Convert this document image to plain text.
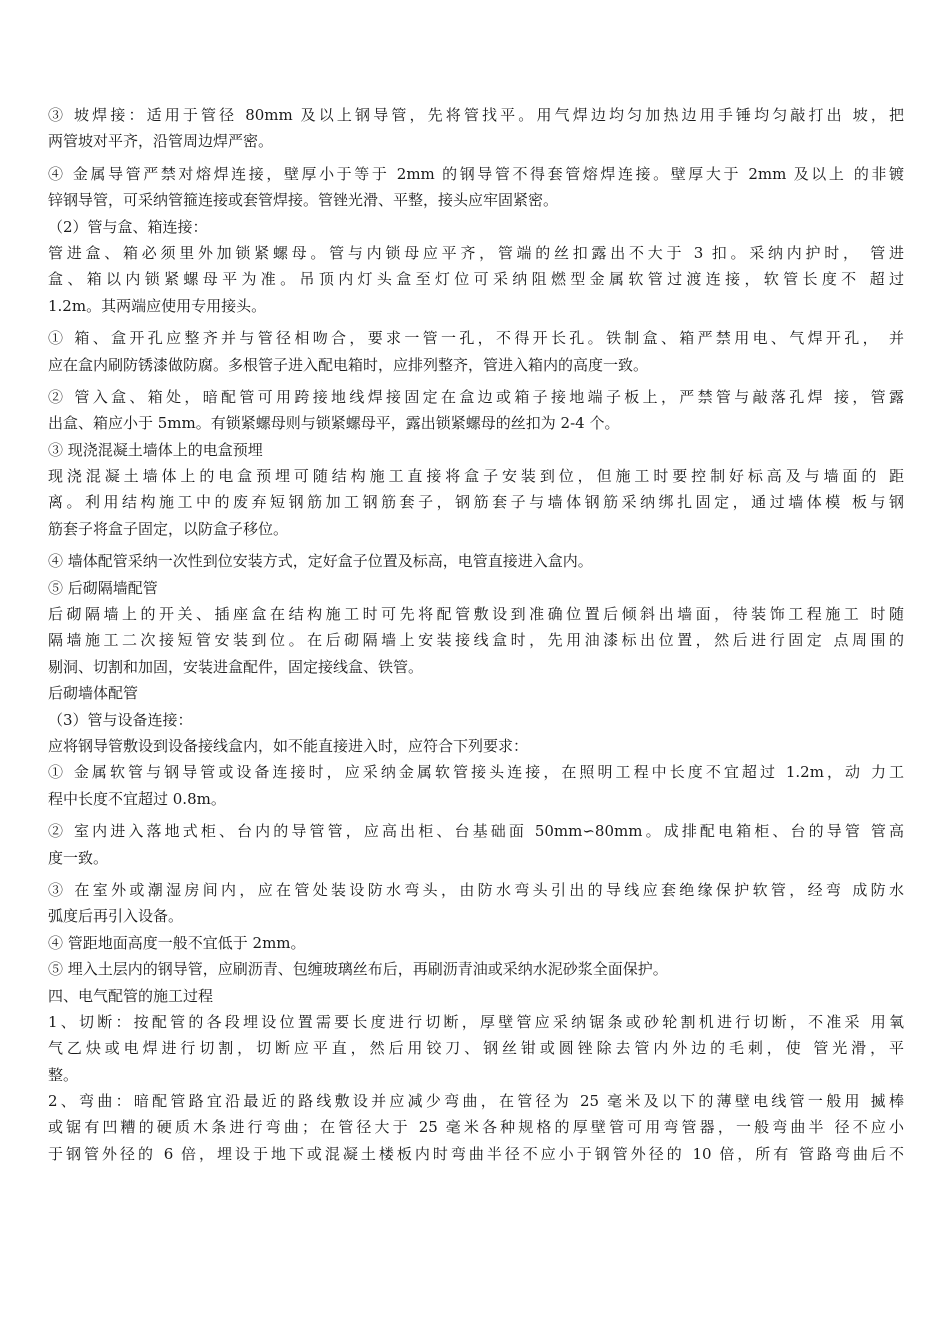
③ 坡焊接：适用于管径 80mm 及以上钢导管，先将管找平。用气焊边均匀加热边用手锤均匀敲打出 坡，把
两管坡对平齐，沿管周边焊严密。
④ 金属导管严禁对熔焊连接，壁厚小于等于 2mm 的钢导管不得套管熔焊连接。壁厚大于 2mm 及以上 的非镀
锌钢导管，可采纳管箍连接或套管焊接。管锉光滑、平整，接头应牢固紧密。
（2）管与盒、箱连接：
管进盒、箱必须里外加锁紧螺母。管与内锁母应平齐，管端的丝扣露出不大于 3 扣。采纳内护时， 管进
盒、箱以内锁紧螺母平为准。吊顶内灯头盒至灯位可采纳阻燃型金属软管过渡连接，软管长度不 超过
1.2m。其两端应使用专用接头。
① 箱、盒开孔应整齐并与管径相吻合，要求一管一孔，不得开长孔。铁制盒、箱严禁用电、气焊开孔， 并
应在盒内刷防锈漆做防腐。多根管子进入配电箱时，应排列整齐，管进入箱内的高度一致。
② 管入盒、箱处，暗配管可用跨接地线焊接固定在盒边或箱子接地端子板上，严禁管与敲落孔焊 接，管露
出盒、箱应小于 5mm。有锁紧螺母则与锁紧螺母平，露出锁紧螺母的丝扣为 2-4 个。
③ 现浇混凝土墙体上的电盒预埋
现浇混凝土墙体上的电盒预埋可随结构施工直接将盒子安装到位，但施工时要控制好标高及与墙面的 距
离。利用结构施工中的废弃短钢筋加工钢筋套子，钢筋套子与墙体钢筋采纳绑扎固定，通过墙体模 板与钢
筋套子将盒子固定，以防盒子移位。
④ 墙体配管采纳一次性到位安装方式，定好盒子位置及标高，电管直接进入盒内。
⑤ 后砌隔墙配管
后砌隔墙上的开关、插座盒在结构施工时可先将配管敷设到准确位置后倾斜出墙面，待装饰工程施工 时随
隔墙施工二次接短管安装到位。在后砌隔墙上安装接线盒时，先用油漆标出位置，然后进行固定 点周围的
剔洞、切割和加固，安装进盒配件，固定接线盒、铁管。
后砌墙体配管
（3）管与设备连接：
应将钢导管敷设到设备接线盒内，如不能直接进入时，应符合下列要求：
① 金属软管与钢导管或设备连接时，应采纳金属软管接头连接，在照明工程中长度不宜超过 1.2m，动 力工
程中长度不宜超过 0.8m。
② 室内进入落地式柜、台内的导管管，应高出柜、台基础面 50mm∽80mm。成排配电箱柜、台的导管 管高
度一致。
③ 在室外或潮湿房间内，应在管处装设防水弯头，由防水弯头引出的导线应套绝缘保护软管，经弯 成防水
弧度后再引入设备。
④ 管距地面高度一般不宜低于 2mm。
⑤ 埋入土层内的钢导管，应刷沥青、包缠玻璃丝布后，再刷沥青油或采纳水泥砂浆全面保护。
四、电气配管的施工过程
1、切断：按配管的各段埋设位置需要长度进行切断，厚壁管应采纳锯条或砂轮割机进行切断，不准采 用氧
气乙炔或电焊进行切割，切断应平直，然后用铰刀、钢丝钳或圆锉除去管内外边的毛刺，使 管光滑，平
整。
2、弯曲：暗配管路宜沿最近的路线敷设并应减少弯曲，在管径为 25 毫米及以下的薄壁电线管一般用 揻棒
或锯有凹糟的硬质木条进行弯曲；在管径大于 25 毫米各种规格的厚壁管可用弯管器，一般弯曲半 径不应小
于钢管外径的 6 倍，埋设于地下或混凝土楼板内时弯曲半径不应小于钢管外径的 10 倍，所有 管路弯曲后不
